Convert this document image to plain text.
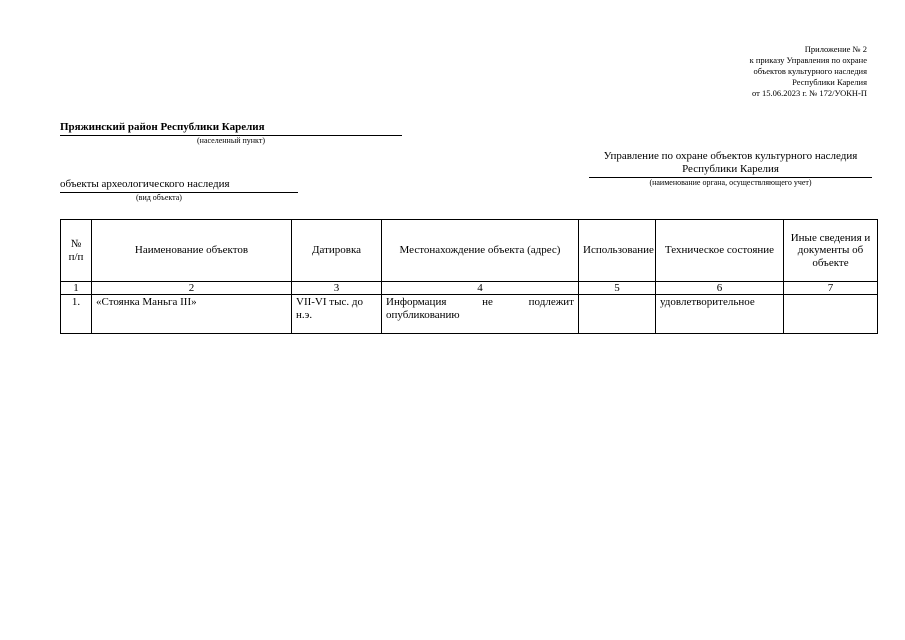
Приложение № 2
к приказу Управления по охране
объектов культурного наследия
Республики Карелия
от 15.06.2023 г. № 172/УОКН-П
Пряжинский район Республики Карелия
(населенный пункт)
Управление по охране объектов культурного наследия Республики Карелия
(наименование органа, осуществляющего учет)
объекты археологического наследия
(вид объекта)
№ п/п	Наименование объектов	Датировка	Местонахождение объекта (адрес)	Использование	Техническое состояние	Иные сведения и документы об объекте
1	2	3	4	5	6	7
1.	«Стоянка Маньга III»	VII-VI тыс. до н.э.	Информация не подлежит опубликованию		удовлетворительное	
